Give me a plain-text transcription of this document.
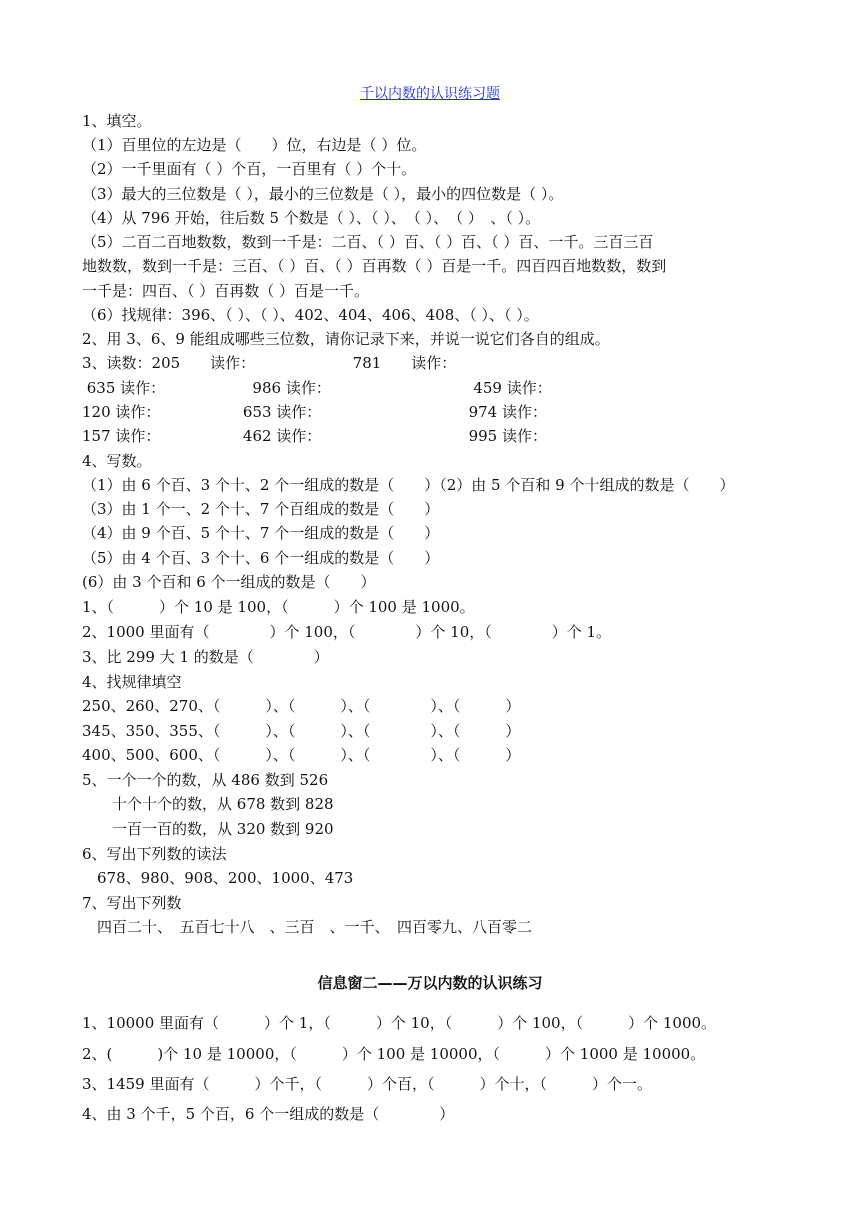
千以内数的认识练习题
1、填空。
（1）百里位的左边是（　　）位，右边是（ ）位。
（2）一千里面有（ ）个百，一百里有（ ）个十。
（3）最大的三位数是（ ），最小的三位数是（ ），最小的四位数是（ ）。
（4）从 796 开始，往后数 5 个数是（ ）、（ ）、　（ ）、　（ ）　、（ ）。
（5）二百二百地数数，数到一千是：二百、（ ）百、（ ）百、（ ）百、一千。三百三百
地数数，数到一千是：三百、（ ）百、（ ）百再数（ ）百是一千。四百四百地数数，数到
一千是：四百、（ ）百再数（ ）百是一千。
（6）找规律：396、（ ）、（ ）、402、404、406、408、（ ）、（ ）。
2、用 3、6、9 能组成哪些三位数，请你记录下来，并说一说它们各自的组成。
3、读数：205　　读作：　　　　　　　781　　读作：
635 读作：　　　　　　 986 读作：　　　　　　　　　　459 读作：
120 读作：　　　　　　653 读作：　　　　　　　　　　 974 读作：
157 读作：　　　　　　462 读作：　　　　　　　　　　 995 读作：
4、写数。
（1）由 6 个百、3 个十、2 个一组成的数是（　　）（2）由 5 个百和 9 个十组成的数是（　　）
（3）由 1 个一、2 个十、7 个百组成的数是（　　）
（4）由 9 个百、5 个十、7 个一组成的数是（　　）
（5）由 4 个百、3 个十、6 个一组成的数是（　　）
(6）由 3 个百和 6 个一组成的数是（　　）
1、（　　　）个 10 是 100，（　　　）个 100 是 1000。
2、1000 里面有（　　　　）个 100，（　　　　）个 10，（　　　　）个 1。
3、比 299 大 1 的数是（　　　　）
4、找规律填空
250、260、270、（　　　）、（　　　）、（　　　　）、（　　　）
345、350、355、（　　　）、（　　　）、（　　　　）、（　　　）
400、500、600、（　　　）、（　　　）、（　　　　）、（　　　）
5、一个一个的数，从 486 数到 526
　　十个十个的数，从 678 数到 828
　　一百一百的数，从 320 数到 920
6、写出下列数的读法
　678、980、908、200、1000、473
7、写出下列数
　四百二十、　五百七十八　、三百　、一千、　四百零九、八百零二
信息窗二——万以内数的认识练习
1、10000 里面有（　　　）个 1，（　　　）个 10，（　　　）个 100，（　　　）个 1000。
2、(　　　)个 10 是 10000，（　　　）个 100 是 10000，（　　　）个 1000 是 10000。
3、1459 里面有（　　　）个千，（　　　）个百，（　　　）个十，（　　　）个一。
4、由 3 个千，5 个百，6 个一组成的数是（　　　　）
